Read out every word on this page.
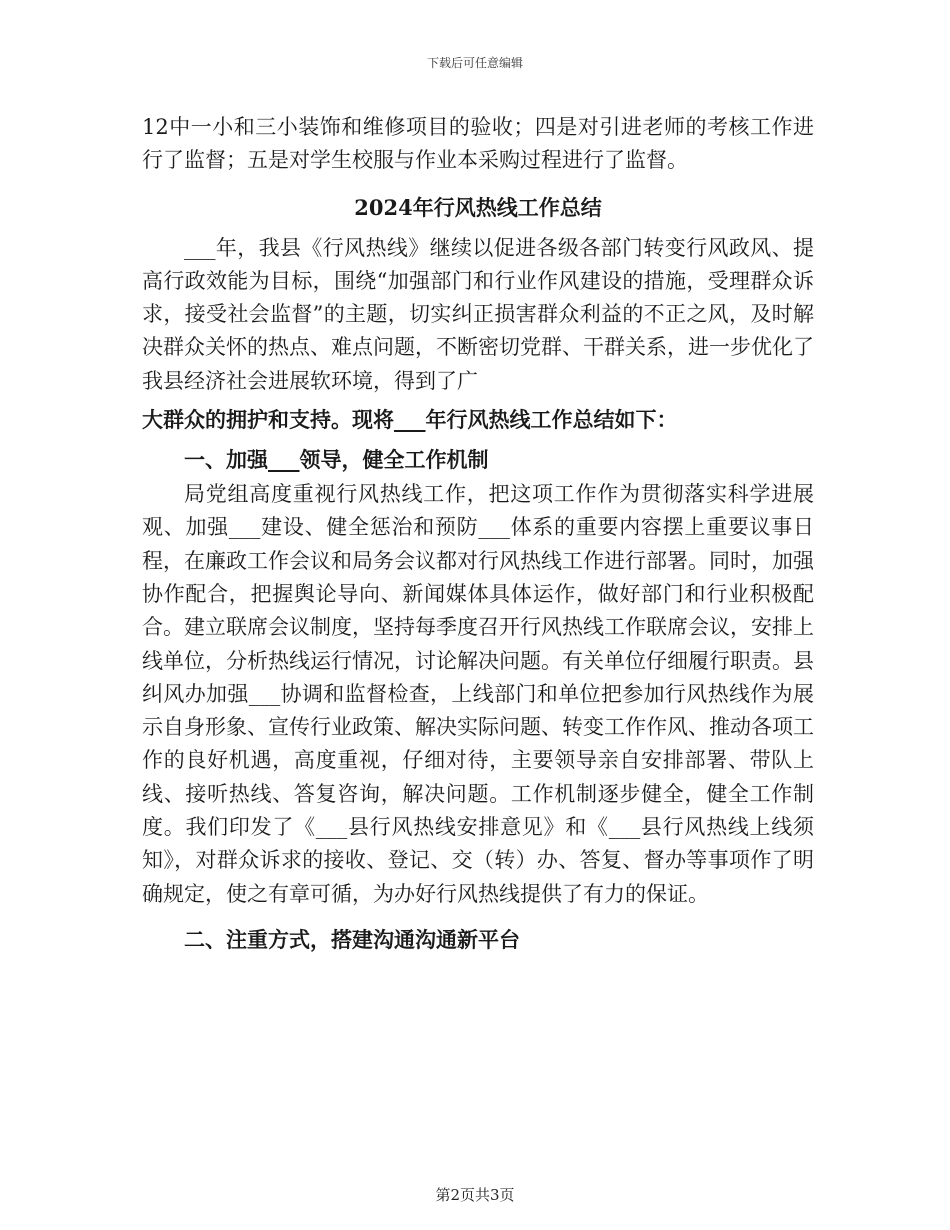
下载后可任意编辑

12中一小和三小装饰和维修项目的验收；四是对引进老师的考核工作进行了监督；五是对学生校服与作业本采购过程进行了监督。

2024年行风热线工作总结

___年，我县《行风热线》继续以促进各级各部门转变行风政风、提高行政效能为目标，围绕“加强部门和行业作风建设的措施，受理群众诉求，接受社会监督”的主题，切实纠正损害群众利益的不正之风，及时解决群众关怀的热点、难点问题，不断密切党群、干群关系，进一步优化了我县经济社会进展软环境，得到了广

大群众的拥护和支持。现将___年行风热线工作总结如下：
一、加强___领导，健全工作机制

局党组高度重视行风热线工作，把这项工作作为贯彻落实科学进展观、加强___建设、健全惩治和预防___体系的重要内容摆上重要议事日程，在廉政工作会议和局务会议都对行风热线工作进行部署。同时，加强协作配合，把握舆论导向、新闻媒体具体运作，做好部门和行业积极配合。建立联席会议制度，坚持每季度召开行风热线工作联席会议，安排上线单位，分析热线运行情况，讨论解决问题。有关单位仔细履行职责。县纠风办加强___协调和监督检查，上线部门和单位把参加行风热线作为展示自身形象、宣传行业政策、解决实际问题、转变工作作风、推动各项工作的良好机遇，高度重视，仔细对待，主要领导亲自安排部署、带队上线、接听热线、答复咨询，解决问题。工作机制逐步健全，健全工作制度。我们印发了《___县行风热线安排意见》和《___县行风热线上线须知》，对群众诉求的接收、登记、交（转）办、答复、督办等事项作了明确规定，使之有章可循，为办好行风热线提供了有力的保证。

二、注重方式，搭建沟通沟通新平台
第2页共3页
